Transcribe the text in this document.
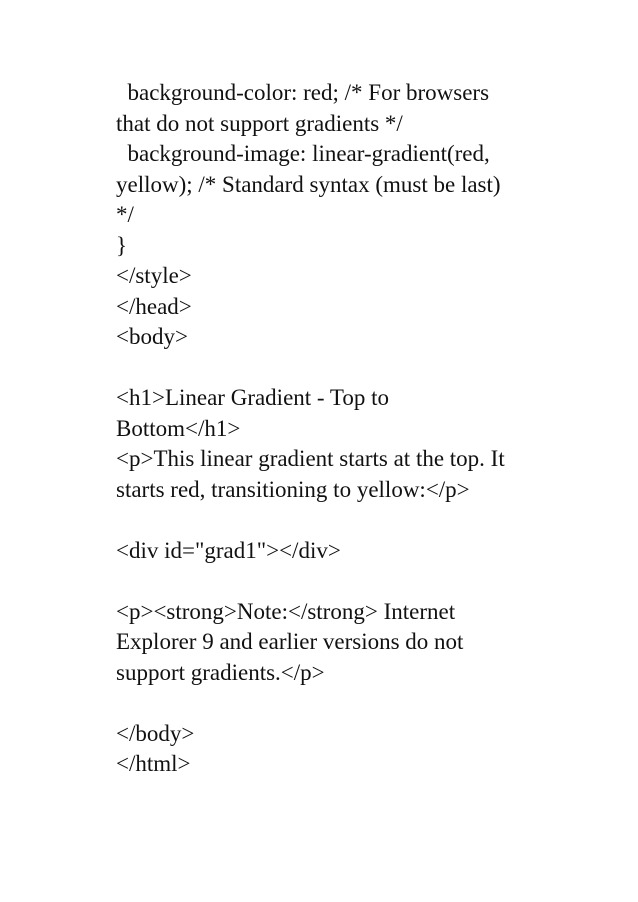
background-color: red; /* For browsers
that do not support gradients */
background-image: linear-gradient(red,
yellow); /* Standard syntax (must be last)
*/
}
</style>
</head>
<body>
<h1>Linear Gradient - Top to
Bottom</h1>
<p>This linear gradient starts at the top. It
starts red, transitioning to yellow:</p>
<div id="grad1"></div>
<p><strong>Note:</strong> Internet
Explorer 9 and earlier versions do not
support gradients.</p>
</body>
</html>
